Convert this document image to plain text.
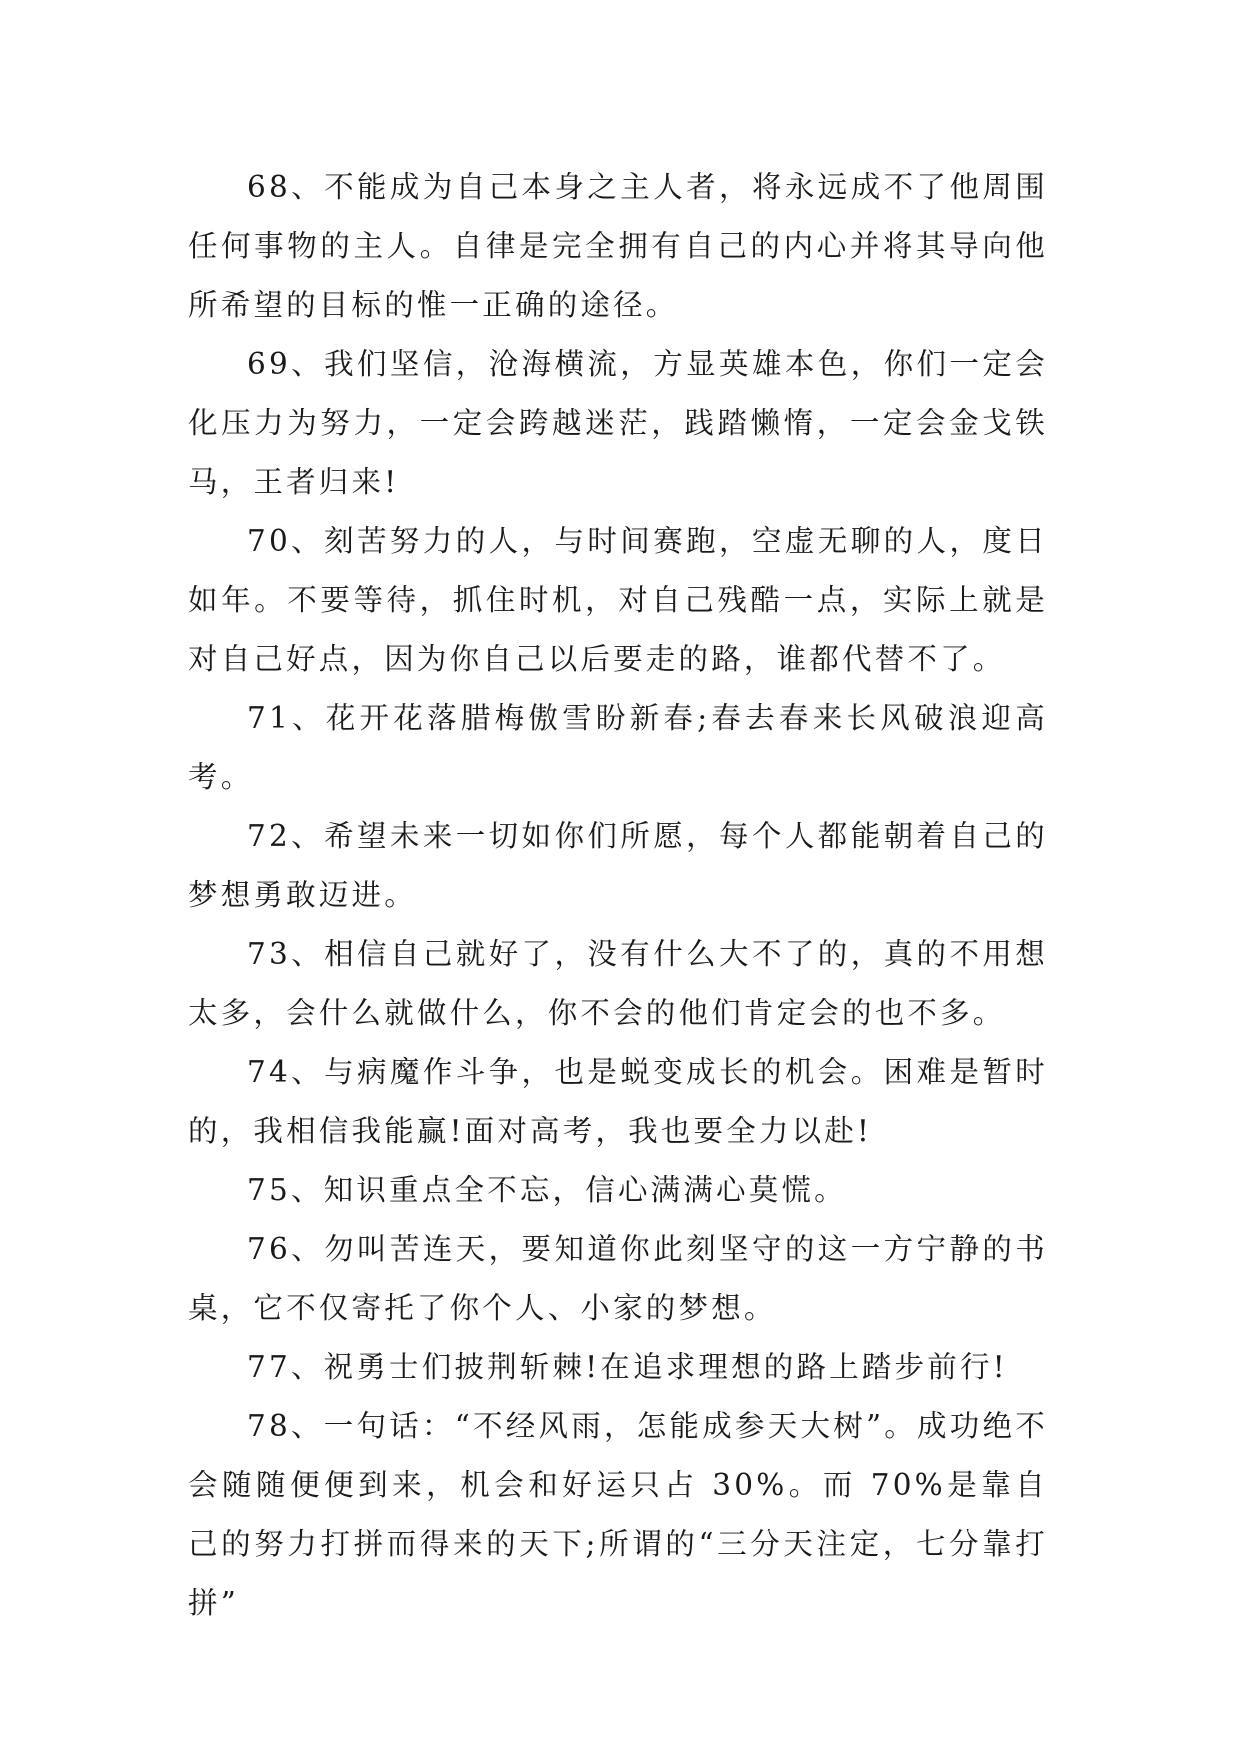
68、不能成为自己本身之主人者，将永远成不了他周围任何事物的主人。自律是完全拥有自己的内心并将其导向他所希望的目标的惟一正确的途径。

69、我们坚信，沧海横流，方显英雄本色，你们一定会化压力为努力，一定会跨越迷茫，践踏懒惰，一定会金戈铁马，王者归来!

70、刻苦努力的人，与时间赛跑，空虚无聊的人，度日如年。不要等待，抓住时机，对自己残酷一点，实际上就是对自己好点，因为你自己以后要走的路，谁都代替不了。

71、花开花落腊梅傲雪盼新春;春去春来长风破浪迎高考。

72、希望未来一切如你们所愿，每个人都能朝着自己的梦想勇敢迈进。

73、相信自己就好了，没有什么大不了的，真的不用想太多，会什么就做什么，你不会的他们肯定会的也不多。

74、与病魔作斗争，也是蜕变成长的机会。困难是暂时的，我相信我能赢!面对高考，我也要全力以赴!

75、知识重点全不忘，信心满满心莫慌。

76、勿叫苦连天，要知道你此刻坚守的这一方宁静的书桌，它不仅寄托了你个人、小家的梦想。

77、祝勇士们披荆斩棘!在追求理想的路上踏步前行!

78、一句话：“不经风雨，怎能成参天大树”。成功绝不会随随便便到来，机会和好运只占 30%。而 70%是靠自己的努力打拼而得来的天下;所谓的“三分天注定，七分靠打拼”
